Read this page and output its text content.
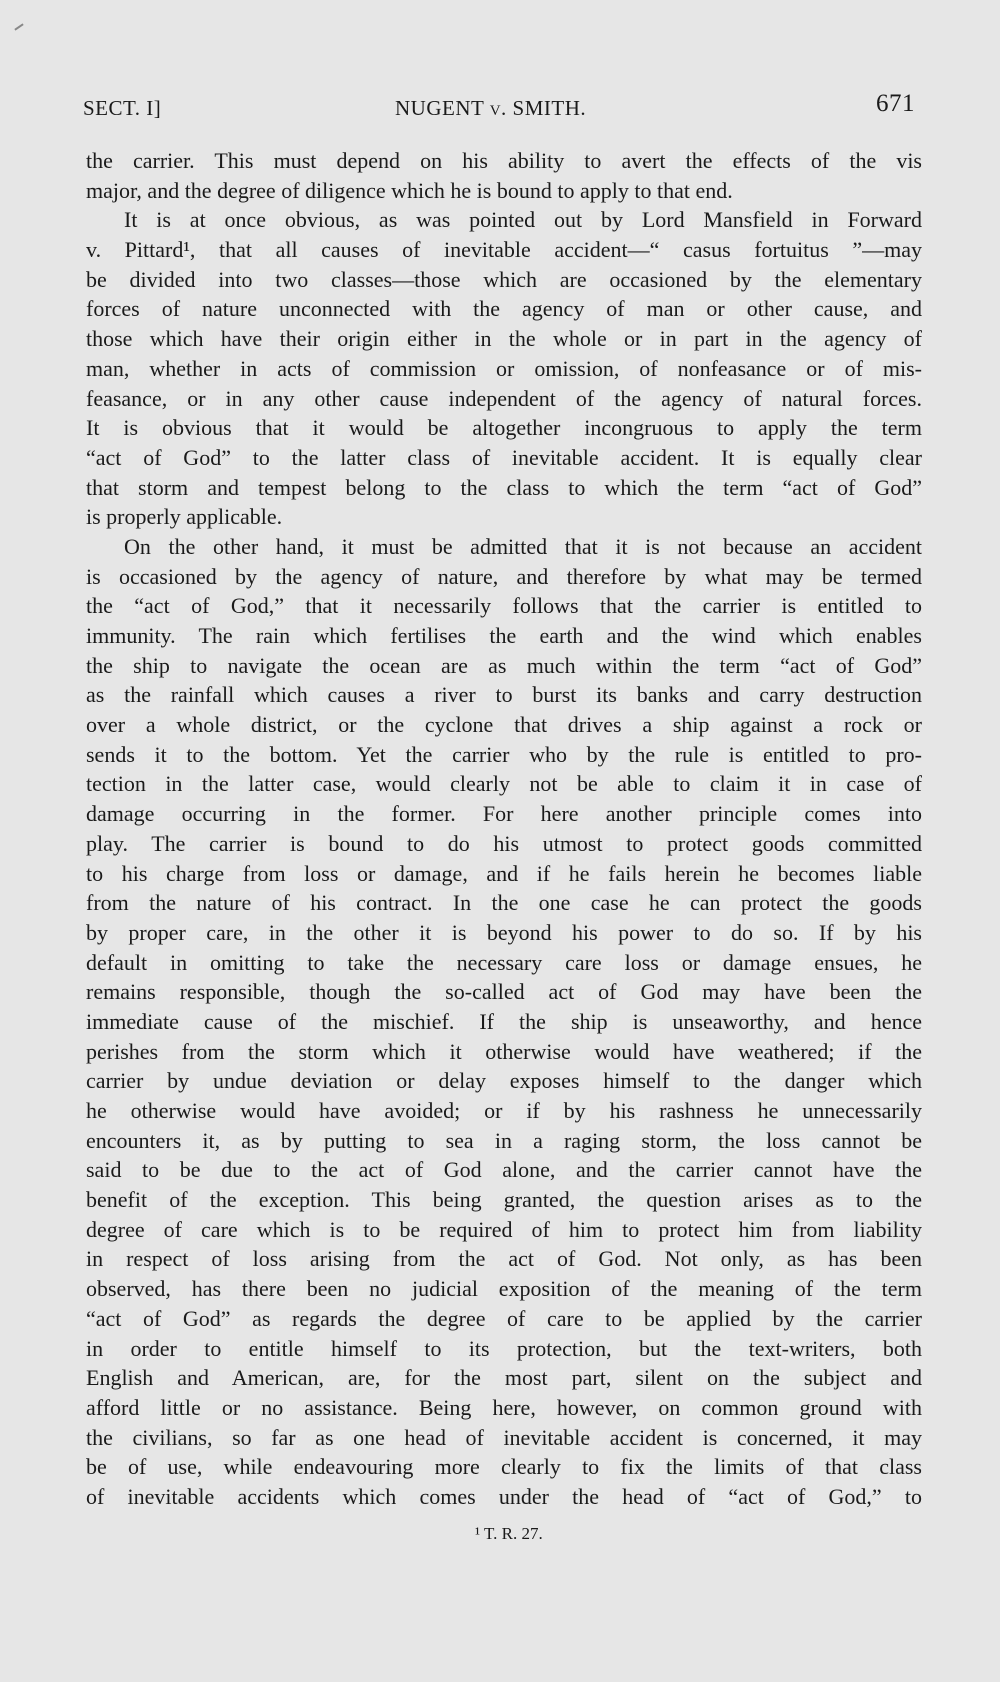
SECT. I]	NUGENT v. SMITH.	671
the carrier. This must depend on his ability to avert the effects of the vis
major, and the degree of diligence which he is bound to apply to that end.
It is at once obvious, as was pointed out by Lord Mansfield in Forward
v. Pittard¹, that all causes of inevitable accident—“ casus fortuitus ”—may
be divided into two classes—those which are occasioned by the elementary
forces of nature unconnected with the agency of man or other cause, and
those which have their origin either in the whole or in part in the agency of
man, whether in acts of commission or omission, of nonfeasance or of mis-
feasance, or in any other cause independent of the agency of natural forces.
It is obvious that it would be altogether incongruous to apply the term
“act of God” to the latter class of inevitable accident. It is equally clear
that storm and tempest belong to the class to which the term “act of God”
is properly applicable.
On the other hand, it must be admitted that it is not because an accident
is occasioned by the agency of nature, and therefore by what may be termed
the “act of God,” that it necessarily follows that the carrier is entitled to
immunity. The rain which fertilises the earth and the wind which enables
the ship to navigate the ocean are as much within the term “act of God”
as the rainfall which causes a river to burst its banks and carry destruction
over a whole district, or the cyclone that drives a ship against a rock or
sends it to the bottom. Yet the carrier who by the rule is entitled to pro-
tection in the latter case, would clearly not be able to claim it in case of
damage occurring in the former. For here another principle comes into
play. The carrier is bound to do his utmost to protect goods committed
to his charge from loss or damage, and if he fails herein he becomes liable
from the nature of his contract. In the one case he can protect the goods
by proper care, in the other it is beyond his power to do so. If by his
default in omitting to take the necessary care loss or damage ensues, he
remains responsible, though the so-called act of God may have been the
immediate cause of the mischief. If the ship is unseaworthy, and hence
perishes from the storm which it otherwise would have weathered; if the
carrier by undue deviation or delay exposes himself to the danger which
he otherwise would have avoided; or if by his rashness he unnecessarily
encounters it, as by putting to sea in a raging storm, the loss cannot be
said to be due to the act of God alone, and the carrier cannot have the
benefit of the exception. This being granted, the question arises as to the
degree of care which is to be required of him to protect him from liability
in respect of loss arising from the act of God. Not only, as has been
observed, has there been no judicial exposition of the meaning of the term
“act of God” as regards the degree of care to be applied by the carrier
in order to entitle himself to its protection, but the text-writers, both
English and American, are, for the most part, silent on the subject and
afford little or no assistance. Being here, however, on common ground with
the civilians, so far as one head of inevitable accident is concerned, it may
be of use, while endeavouring more clearly to fix the limits of that class
of inevitable accidents which comes under the head of “act of God,” to
¹ T. R. 27.
